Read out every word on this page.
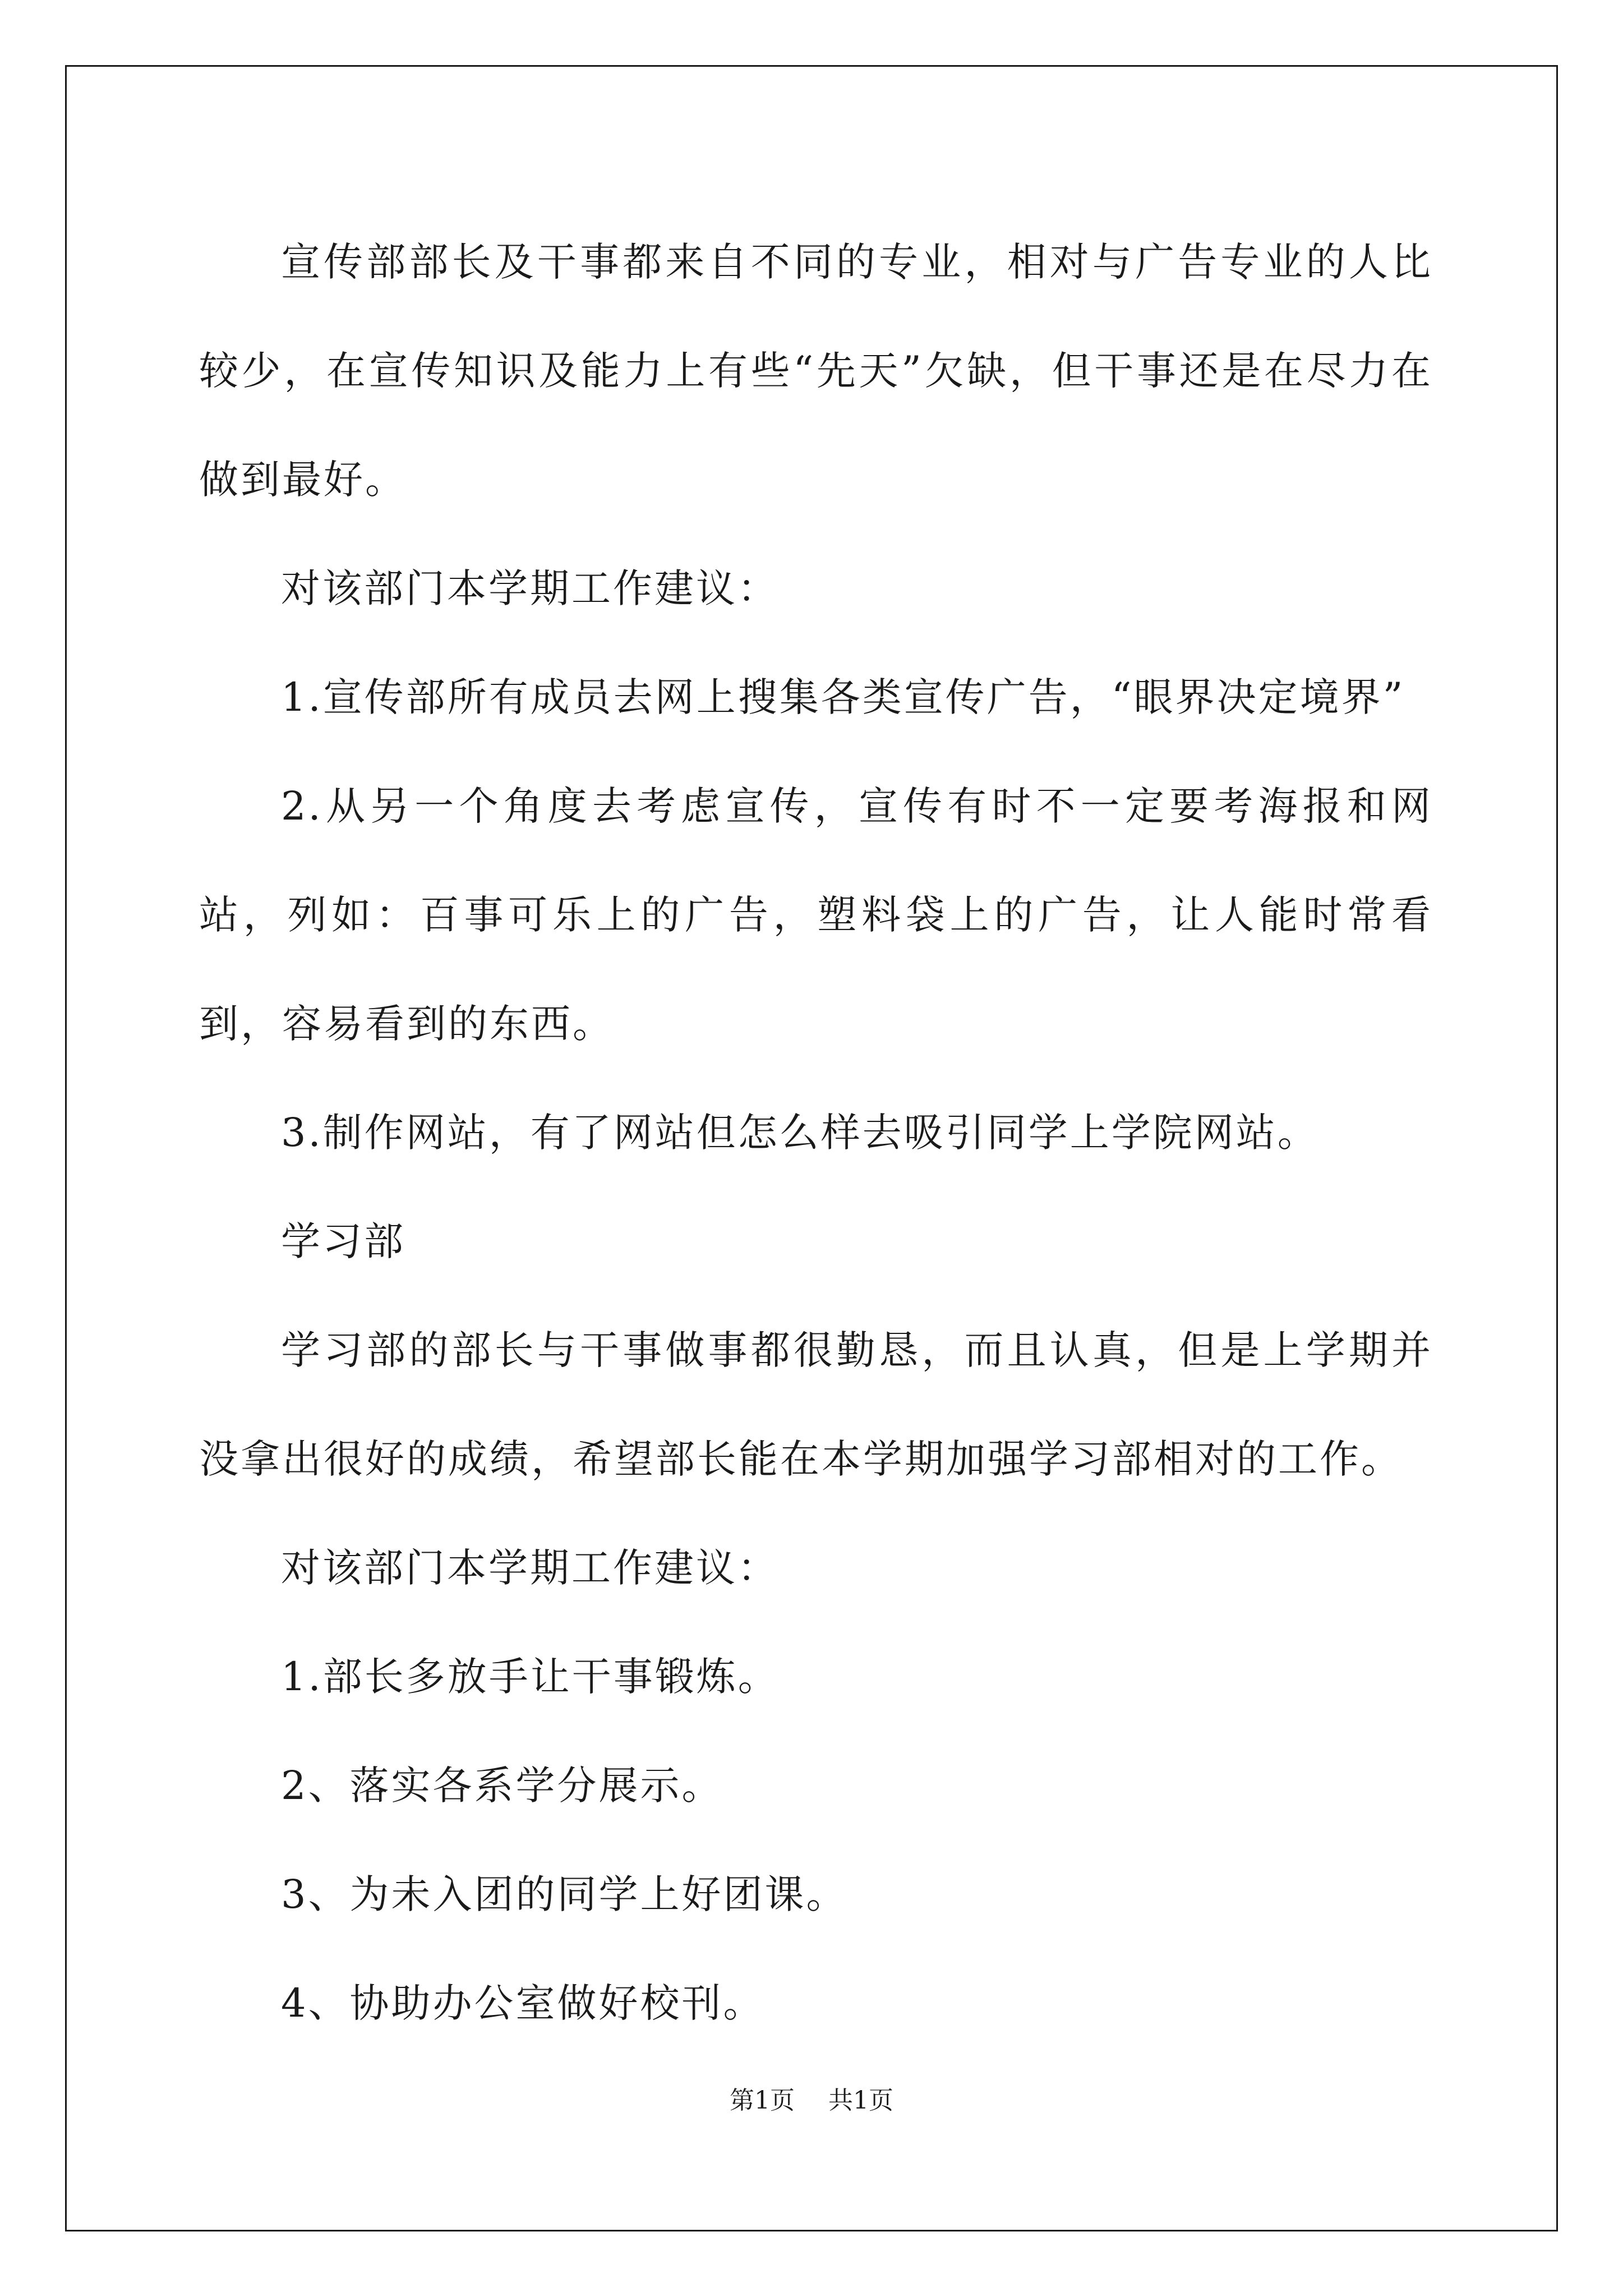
宣传部部长及干事都来自不同的专业，相对与广告专业的人比较少，在宣传知识及能力上有些“先天”欠缺，但干事还是在尽力在做到最好。

对该部门本学期工作建议：

1.宣传部所有成员去网上搜集各类宣传广告，“眼界决定境界”

2.从另一个角度去考虑宣传，宣传有时不一定要考海报和网站，列如：百事可乐上的广告，塑料袋上的广告，让人能时常看到，容易看到的东西。

3.制作网站，有了网站但怎么样去吸引同学上学院网站。

学习部

学习部的部长与干事做事都很勤恳，而且认真，但是上学期并没拿出很好的成绩，希望部长能在本学期加强学习部相对的工作。

对该部门本学期工作建议：

1.部长多放手让干事锻炼。

2、落实各系学分展示。

3、为未入团的同学上好团课。

4、协助办公室做好校刊。

第1页 共1页
